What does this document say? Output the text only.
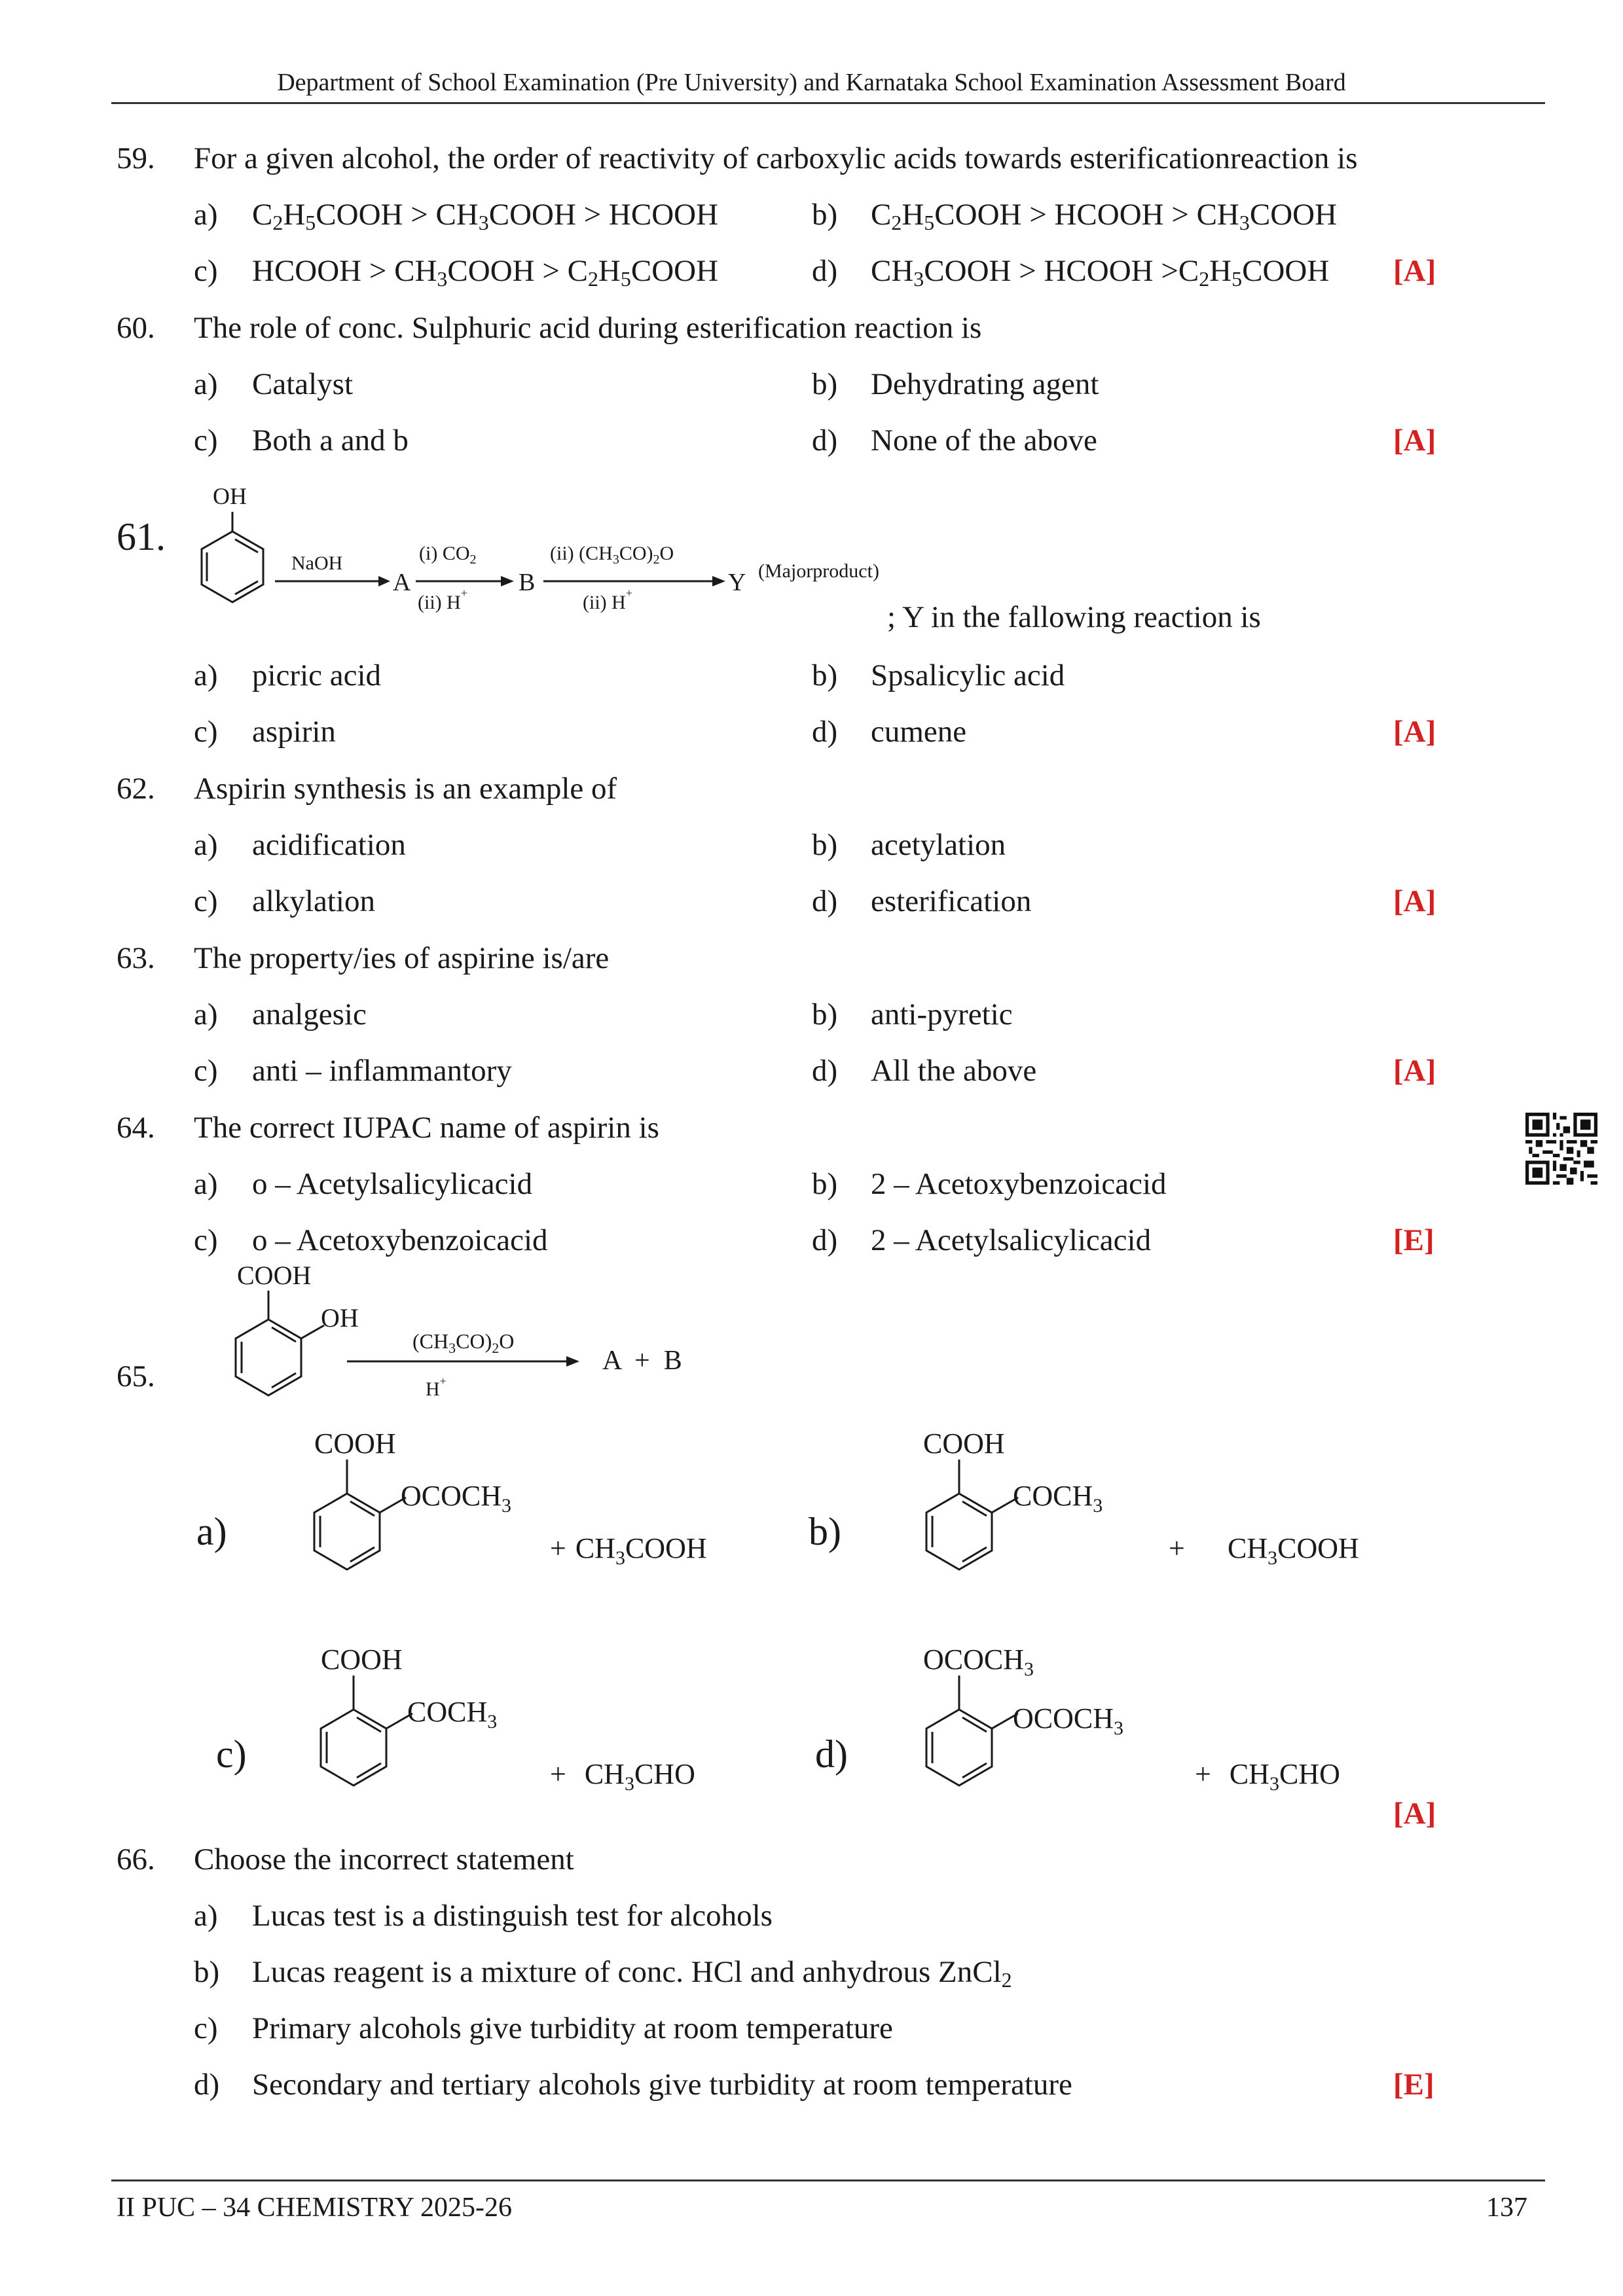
Department of School Examination (Pre University) and Karnataka School Examination Assessment Board
59. For a given alcohol, the order of reactivity of carboxylic acids towards esterificationreaction is
a) $C_2H_5COOH$ > $CH_3COOH$ > HCOOH	b) $C_2H_5COOH$ > HCOOH > $CH_3COOH$
c) HCOOH > $CH_3COOH$ > $C_2H_5COOH$	d) $CH_3COOH$ > HCOOH $>C_2H_5COOH$ [A]
60. The role of conc. Sulphuric acid during esterification reaction is
a) Catalyst	b) Dehydrating agent
c) Both a and b	d) None of the above	[A]
61.
OH
NaOH
A
(i) $CO_2$
(ii) H+ B
(ii) $(CH_3CO)_2O$
(ii) H+	Y (Majorproduct)
; Y in the fallowing reaction is
a) picric acid	b) Spsalicylic acid
c) aspirin	d) cumene	[A]
62. Aspirin synthesis is an example of
a) acidification	b) acetylation
c) alkylation	d) esterification	[A]
63. The property/ies of aspirine is/are
a) analgesic	b) anti-pyretic
c) anti – inflammantory	d) All the above	[A]
64. The correct IUPAC name of aspirin is
a) o – Acetylsalicylicacid	b) 2 – Acetoxybenzoicacid
c) o – Acetoxybenzoicacid	d) 2 – Acetylsalicylicacid	[E]
65.
COOH
OH
$(CH_3CO)_2O$
H+
A  +  B
a)
COOH
$OCOCH_3$
+ $CH_3COOH$	b)
COOH
$COCH_3$
+ $CH_3COOH$
c)
COOH
$COCH_3$
+ $CH_3CHO$	d)
$OCOCH_3$
$OCOCH_3$
+ $CH_3CHO$
[A]
66. Choose the incorrect statement
a) Lucas test is a distinguish test for alcohols
b) Lucas reagent is a mixture of conc. HCl and anhydrous ZnCl$_2$
c) Primary alcohols give turbidity at room temperature
d) Secondary and tertiary alcohols give turbidity at room temperature	[E]
II PUC – 34 CHEMISTRY 2025-26	137
